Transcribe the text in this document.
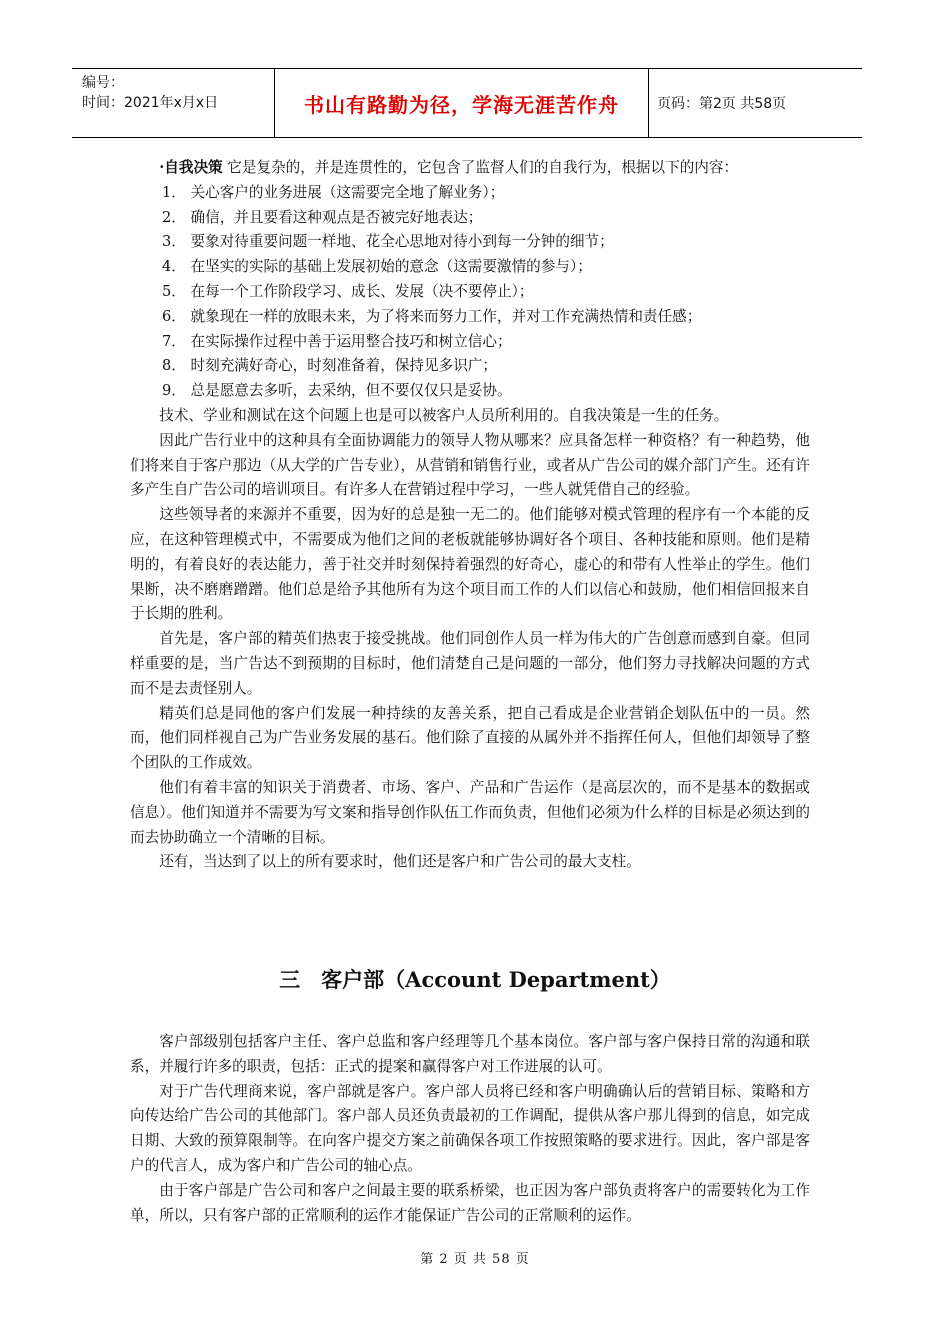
编号：
时间：2021年x月x日	书山有路勤为径，学海无涯苦作舟	页码：第2页 共58页

·自我决策 它是复杂的，并是连贯性的，它包含了监督人们的自我行为，根据以下的内容：

1． 关心客户的业务进展（这需要完全地了解业务）；

2． 确信，并且要看这种观点是否被完好地表达；

3． 要象对待重要问题一样地、花全心思地对待小到每一分钟的细节；

4． 在坚实的实际的基础上发展初始的意念（这需要激情的参与）；

5． 在每一个工作阶段学习、成长、发展（决不要停止）；

6． 就象现在一样的放眼未来，为了将来而努力工作，并对工作充满热情和责任感；

7． 在实际操作过程中善于运用整合技巧和树立信心；

8． 时刻充满好奇心，时刻准备着，保持见多识广；

9． 总是愿意去多听，去采纳，但不要仅仅只是妥协。

技术、学业和测试在这个问题上也是可以被客户人员所利用的。自我决策是一生的任务。

因此广告行业中的这种具有全面协调能力的领导人物从哪来？应具备怎样一种资格？有一种趋势，他们将来自于客户那边（从大学的广告专业），从营销和销售行业，或者从广告公司的媒介部门产生。还有许多产生自广告公司的培训项目。有许多人在营销过程中学习，一些人就凭借自己的经验。

这些领导者的来源并不重要，因为好的总是独一无二的。他们能够对模式管理的程序有一个本能的反应，在这种管理模式中，不需要成为他们之间的老板就能够协调好各个项目、各种技能和原则。他们是精明的，有着良好的表达能力，善于社交并时刻保持着强烈的好奇心，虚心的和带有人性举止的学生。他们果断，决不磨磨蹭蹭。他们总是给予其他所有为这个项目而工作的人们以信心和鼓励，他们相信回报来自于长期的胜利。

首先是，客户部的精英们热衷于接受挑战。他们同创作人员一样为伟大的广告创意而感到自豪。但同样重要的是，当广告达不到预期的目标时，他们清楚自己是问题的一部分，他们努力寻找解决问题的方式而不是去责怪别人。

精英们总是同他的客户们发展一种持续的友善关系，把自己看成是企业营销企划队伍中的一员。然而，他们同样视自己为广告业务发展的基石。他们除了直接的从属外并不指挥任何人，但他们却领导了整个团队的工作成效。

他们有着丰富的知识关于消费者、市场、客户、产品和广告运作（是高层次的，而不是基本的数据或信息）。他们知道并不需要为写文案和指导创作队伍工作而负责，但他们必须为什么样的目标是必须达到的而去协助确立一个清晰的目标。

还有，当达到了以上的所有要求时，他们还是客户和广告公司的最大支柱。

三　客户部（Account Department）

客户部级别包括客户主任、客户总监和客户经理等几个基本岗位。客户部与客户保持日常的沟通和联系，并履行许多的职责，包括：正式的提案和赢得客户对工作进展的认可。

对于广告代理商来说，客户部就是客户。客户部人员将已经和客户明确确认后的营销目标、策略和方向传达给广告公司的其他部门。客户部人员还负责最初的工作调配，提供从客户那儿得到的信息，如完成日期、大致的预算限制等。在向客户提交方案之前确保各项工作按照策略的要求进行。因此，客户部是客户的代言人，成为客户和广告公司的轴心点。

由于客户部是广告公司和客户之间最主要的联系桥梁，也正因为客户部负责将客户的需要转化为工作单，所以，只有客户部的正常顺利的运作才能保证广告公司的正常顺利的运作。

第 2 页 共 58 页
